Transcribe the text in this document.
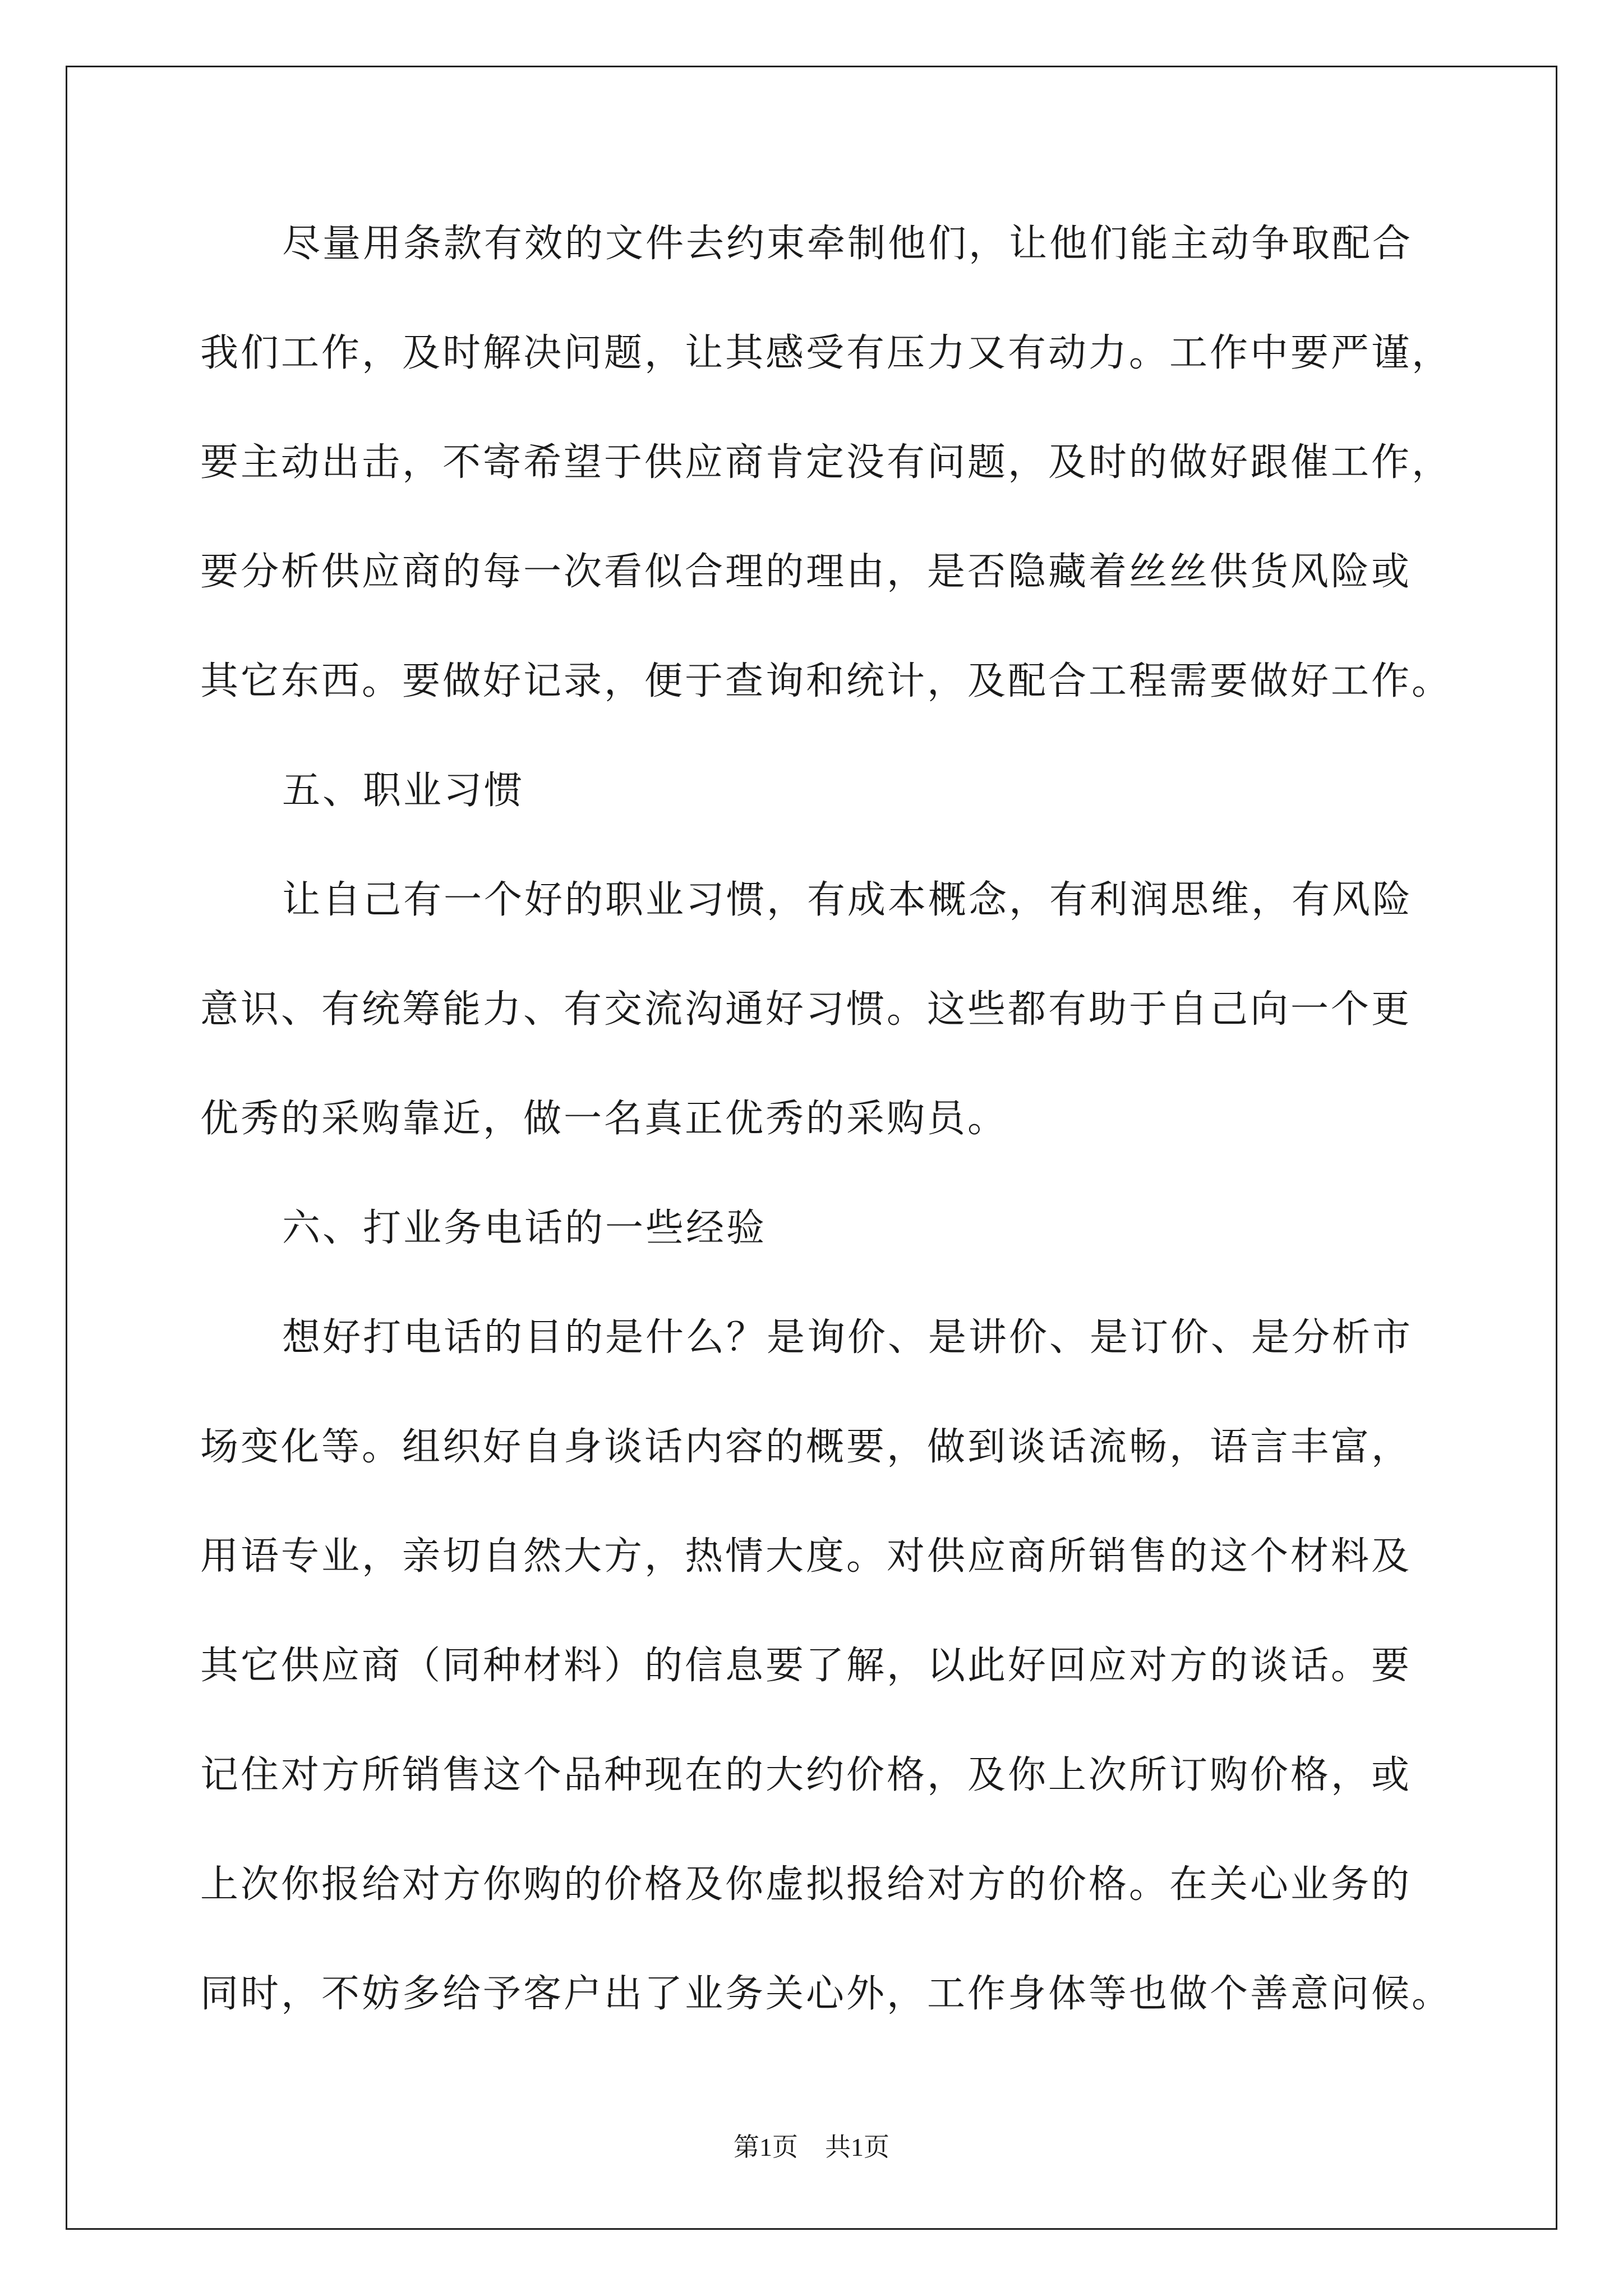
尽量用条款有效的文件去约束牵制他们，让他们能主动争取配合
我们工作，及时解决问题，让其感受有压力又有动力。工作中要严谨，
要主动出击，不寄希望于供应商肯定没有问题，及时的做好跟催工作，
要分析供应商的每一次看似合理的理由，是否隐藏着丝丝供货风险或
其它东西。要做好记录，便于查询和统计，及配合工程需要做好工作。
五、职业习惯
让自己有一个好的职业习惯，有成本概念，有利润思维，有风险
意识、有统筹能力、有交流沟通好习惯。这些都有助于自己向一个更
优秀的采购靠近，做一名真正优秀的采购员。
六、打业务电话的一些经验
想好打电话的目的是什么？是询价、是讲价、是订价、是分析市
场变化等。组织好自身谈话内容的概要，做到谈话流畅，语言丰富，
用语专业，亲切自然大方，热情大度。对供应商所销售的这个材料及
其它供应商（同种材料）的信息要了解，以此好回应对方的谈话。要
记住对方所销售这个品种现在的大约价格，及你上次所订购价格，或
上次你报给对方你购的价格及你虚拟报给对方的价格。在关心业务的
同时，不妨多给予客户出了业务关心外，工作身体等也做个善意问候。
第1页 共1页
